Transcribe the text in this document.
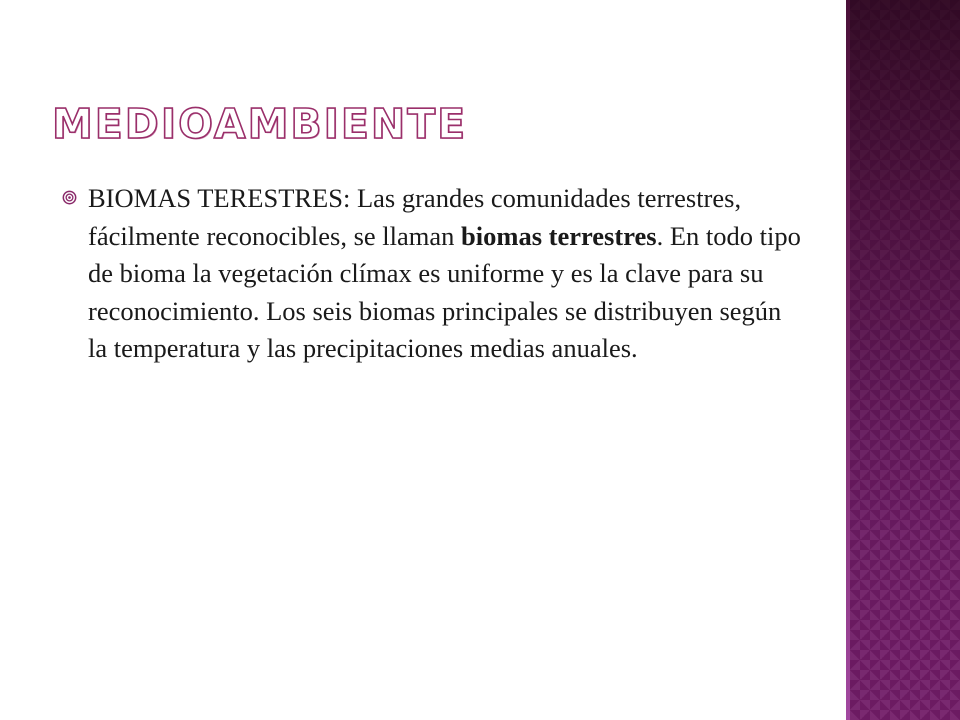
MEDIOAMBIENTE
BIOMAS TERESTRES: Las grandes comunidades terrestres, fácilmente reconocibles, se llaman biomas terrestres. En todo tipo de bioma la vegetación clímax es uniforme y es la clave para su reconocimiento. Los seis biomas principales se distribuyen según la temperatura y las precipitaciones medias anuales.
